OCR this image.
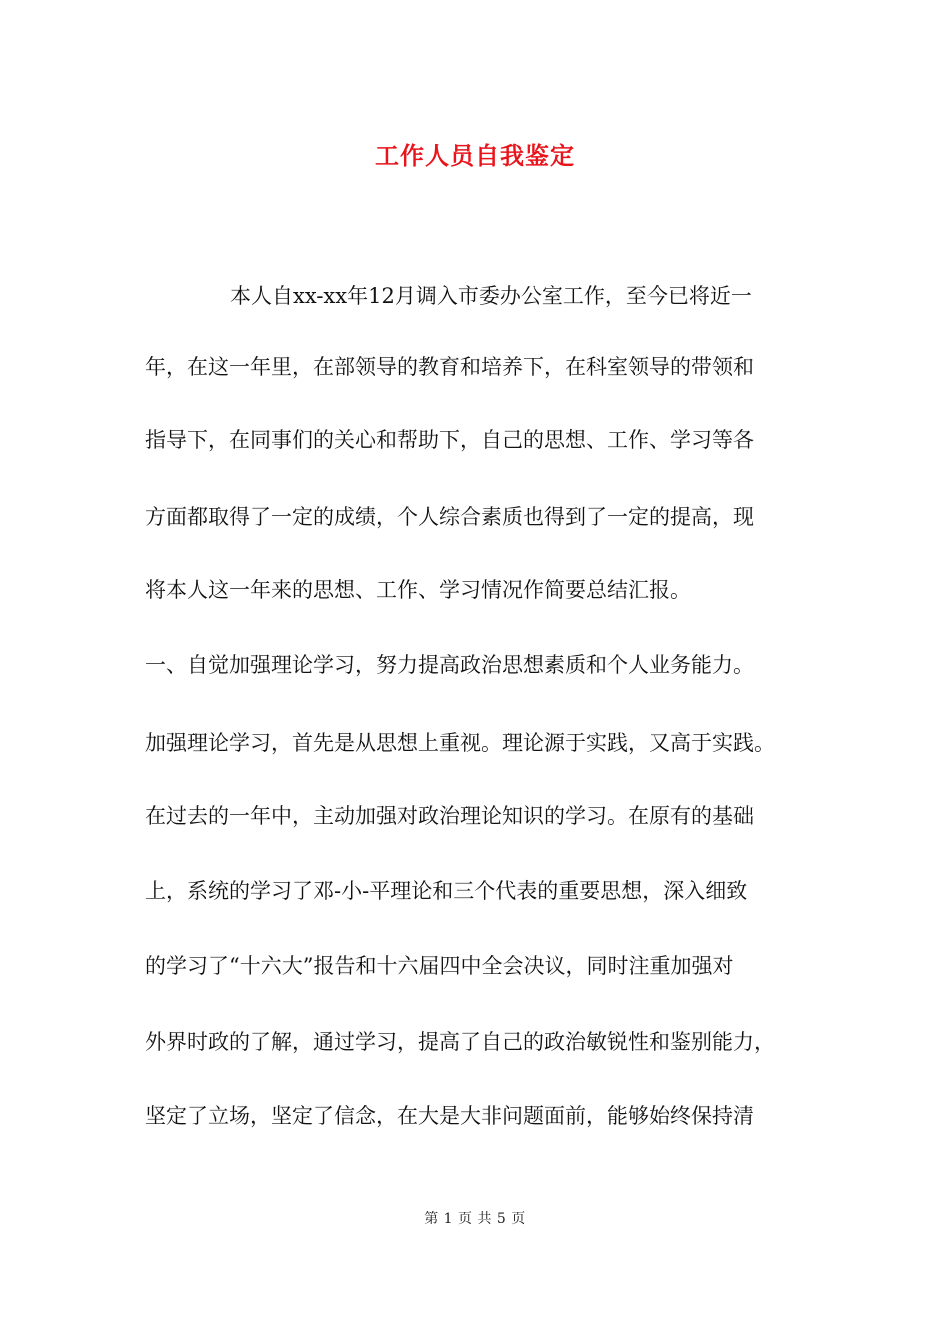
工作人员自我鉴定
本人自xx-xx年12月调入市委办公室工作，至今已将近一
年，在这一年里，在部领导的教育和培养下，在科室领导的带领和
指导下，在同事们的关心和帮助下，自己的思想、工作、学习等各
方面都取得了一定的成绩，个人综合素质也得到了一定的提高，现
将本人这一年来的思想、工作、学习情况作简要总结汇报。
一、自觉加强理论学习，努力提高政治思想素质和个人业务能力。
加强理论学习，首先是从思想上重视。理论源于实践，又高于实践。
在过去的一年中，主动加强对政治理论知识的学习。在原有的基础
上，系统的学习了邓-小-平理论和三个代表的重要思想，深入细致
的学习了“十六大”报告和十六届四中全会决议，同时注重加强对
外界时政的了解，通过学习，提高了自己的政治敏锐性和鉴别能力，
坚定了立场，坚定了信念，在大是大非问题面前，能够始终保持清
第 1 页 共 5 页
